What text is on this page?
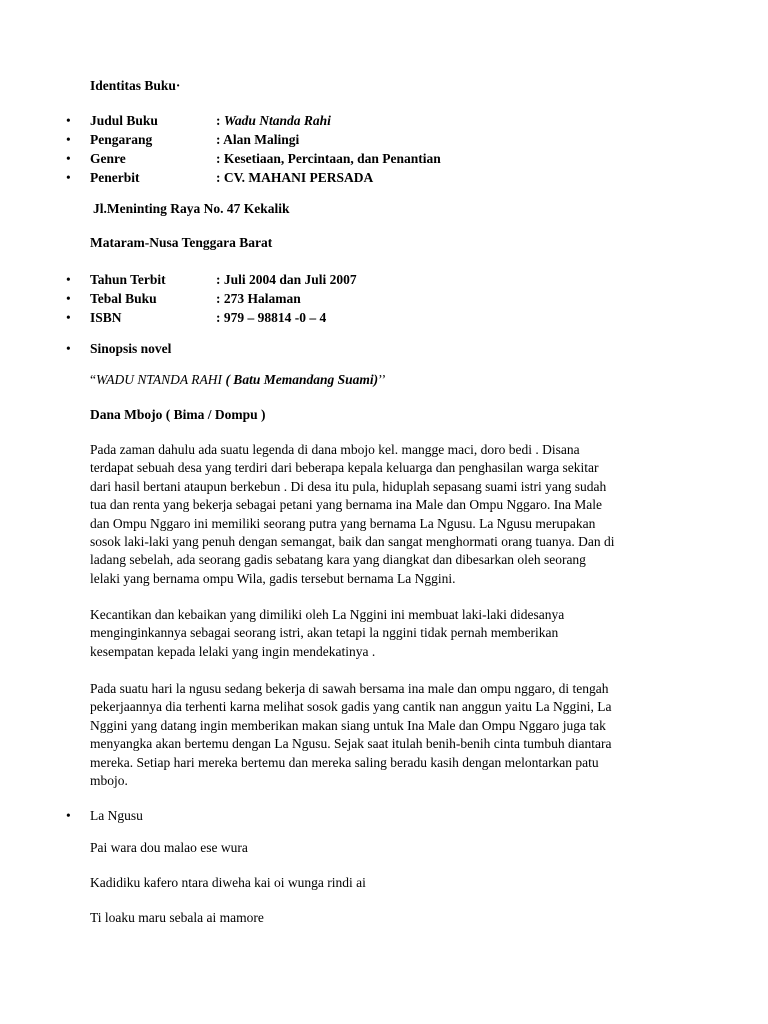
Identitas Buku·
• Judul Buku	: Wadu Ntanda Rahi
• Pengarang	: Alan Malingi
• Genre	: Kesetiaan, Percintaan, dan Penantian
• Penerbit	: CV. MAHANI PERSADA
Jl.Meninting Raya No. 47 Kekalik
Mataram-Nusa Tenggara Barat
• Tahun Terbit	: Juli 2004 dan Juli 2007
• Tebal Buku	: 273 Halaman
• ISBN	: 979 – 98814 -0 – 4
• Sinopsis novel
“WADU NTANDA RAHI ( Batu Memandang Suami)’’
Dana Mbojo ( Bima / Dompu )
Pada zaman dahulu ada suatu legenda di dana mbojo kel. mangge maci, doro bedi . Disana
terdapat sebuah desa yang terdiri dari beberapa kepala keluarga dan penghasilan warga sekitar
dari hasil bertani ataupun berkebun . Di desa itu pula, hiduplah sepasang suami istri yang sudah
tua dan renta yang bekerja sebagai petani yang bernama ina Male dan Ompu Nggaro. Ina Male
dan Ompu Nggaro ini memiliki seorang putra yang bernama La Ngusu. La Ngusu merupakan
sosok laki-laki yang penuh dengan semangat, baik dan sangat menghormati orang tuanya. Dan di
ladang sebelah, ada seorang gadis sebatang kara yang diangkat dan dibesarkan oleh seorang
lelaki yang bernama ompu Wila, gadis tersebut bernama La Nggini.
Kecantikan dan kebaikan yang dimiliki oleh La Nggini ini membuat laki-laki didesanya
menginginkannya sebagai seorang istri, akan tetapi la nggini tidak pernah memberikan
kesempatan kepada lelaki yang ingin mendekatinya .
Pada suatu hari la ngusu sedang bekerja di sawah bersama ina male dan ompu nggaro, di tengah
pekerjaannya dia terhenti karna melihat sosok gadis yang cantik nan anggun yaitu La Nggini, La
Nggini yang datang ingin memberikan makan siang untuk Ina Male dan Ompu Nggaro juga tak
menyangka akan bertemu dengan La Ngusu. Sejak saat itulah benih-benih cinta tumbuh diantara
mereka. Setiap hari mereka bertemu dan mereka saling beradu kasih dengan melontarkan patu
mbojo.
• La Ngusu
Pai wara dou malao ese wura
Kadidiku kafero ntara diweha kai oi wunga rindi ai
Ti loaku maru sebala ai mamore
